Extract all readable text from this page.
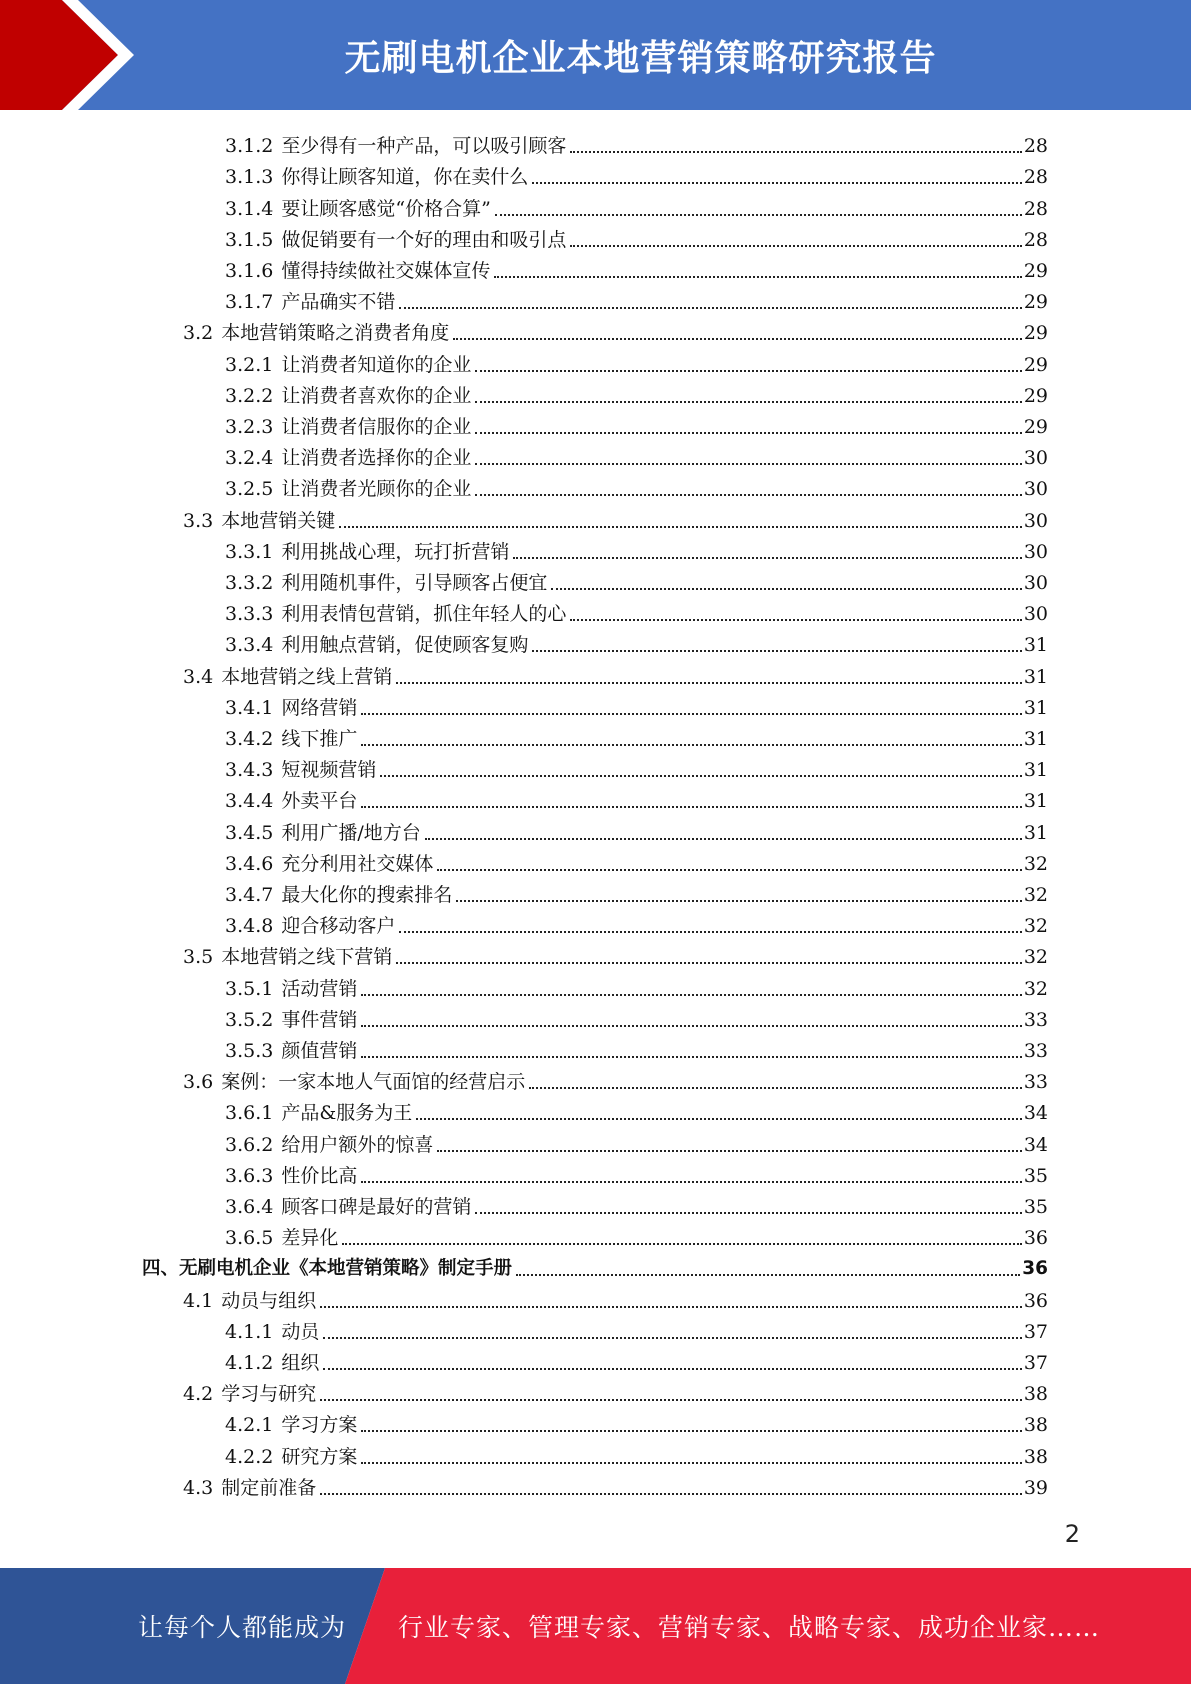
无刷电机企业本地营销策略研究报告
3.1.2 至少得有一种产品，可以吸引顾客	28
3.1.3 你得让顾客知道，你在卖什么	28
3.1.4 要让顾客感觉“价格合算”	28
3.1.5 做促销要有一个好的理由和吸引点	28
3.1.6 懂得持续做社交媒体宣传	29
3.1.7 产品确实不错	29
3.2 本地营销策略之消费者角度	29
3.2.1 让消费者知道你的企业	29
3.2.2 让消费者喜欢你的企业	29
3.2.3 让消费者信服你的企业	29
3.2.4 让消费者选择你的企业	30
3.2.5 让消费者光顾你的企业	30
3.3 本地营销关键	30
3.3.1 利用挑战心理，玩打折营销	30
3.3.2 利用随机事件，引导顾客占便宜	30
3.3.3 利用表情包营销，抓住年轻人的心	30
3.3.4 利用触点营销，促使顾客复购	31
3.4 本地营销之线上营销	31
3.4.1 网络营销	31
3.4.2 线下推广	31
3.4.3 短视频营销	31
3.4.4 外卖平台	31
3.4.5 利用广播/地方台	31
3.4.6 充分利用社交媒体	32
3.4.7 最大化你的搜索排名	32
3.4.8 迎合移动客户	32
3.5 本地营销之线下营销	32
3.5.1 活动营销	32
3.5.2 事件营销	33
3.5.3 颜值营销	33
3.6 案例：一家本地人气面馆的经营启示	33
3.6.1 产品&服务为王	34
3.6.2 给用户额外的惊喜	34
3.6.3 性价比高	35
3.6.4 顾客口碑是最好的营销	35
3.6.5 差异化	36
四、无刷电机企业《本地营销策略》制定手册	36
4.1 动员与组织	36
4.1.1 动员	37
4.1.2 组织	37
4.2 学习与研究	38
4.2.1 学习方案	38
4.2.2 研究方案	38
4.3 制定前准备	39
2
让每个人都能成为 行业专家、管理专家、营销专家、战略专家、成功企业家……
